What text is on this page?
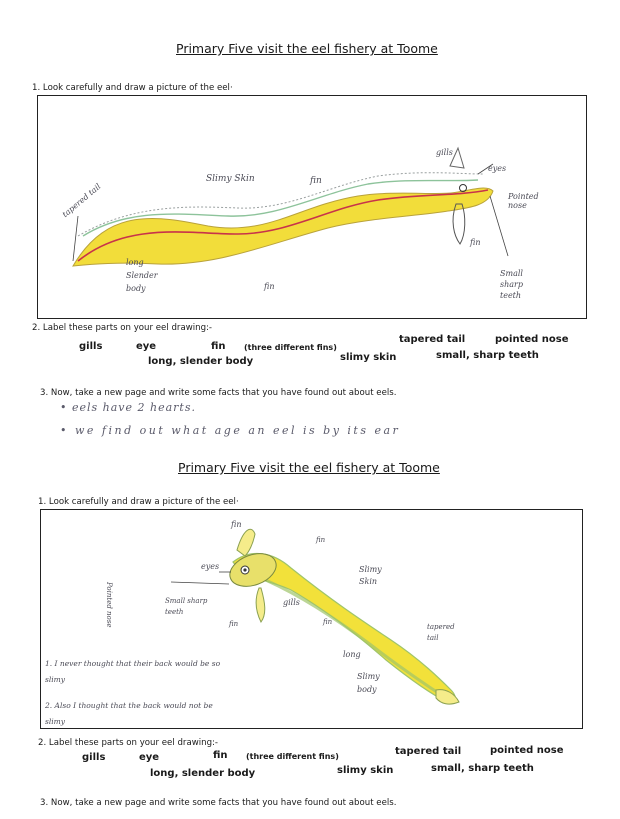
Primary Five visit the eel fishery at Toome
1. Look carefully and draw a picture of the eel·
tapered tail
Slimy Skin	fin
gills
eyes
Pointed nose
fin
long Slender body	fin
Small sharp teeth
2. Label these parts on your eel drawing:-
gills	eye	fin (three different fins)
tapered tail	pointed nose
long, slender body	slimy skin	small, sharp teeth
3. Now, take a new page and write some facts that you have found out about eels.
• eels have 2 hearts.
• we find out what age an eel is by its ear
Primary Five visit the eel fishery at Toome
1. Look carefully and draw a picture of the eel·
fin
eyes
Pointed nose	Small sharp teeth
fin
Slimy Skin
gills
fin	fin
tapered tail
long
Slimy body
1. I never thought that their back would be so slimy
2. Also I thought that the back would not be slimy
2. Label these parts on your eel drawing:-
gills	eye	fin (three different fins)	tapered tail	pointed nose
long, slender body	slimy skin	small, sharp teeth
3. Now, take a new page and write some facts that you have found out about eels.
